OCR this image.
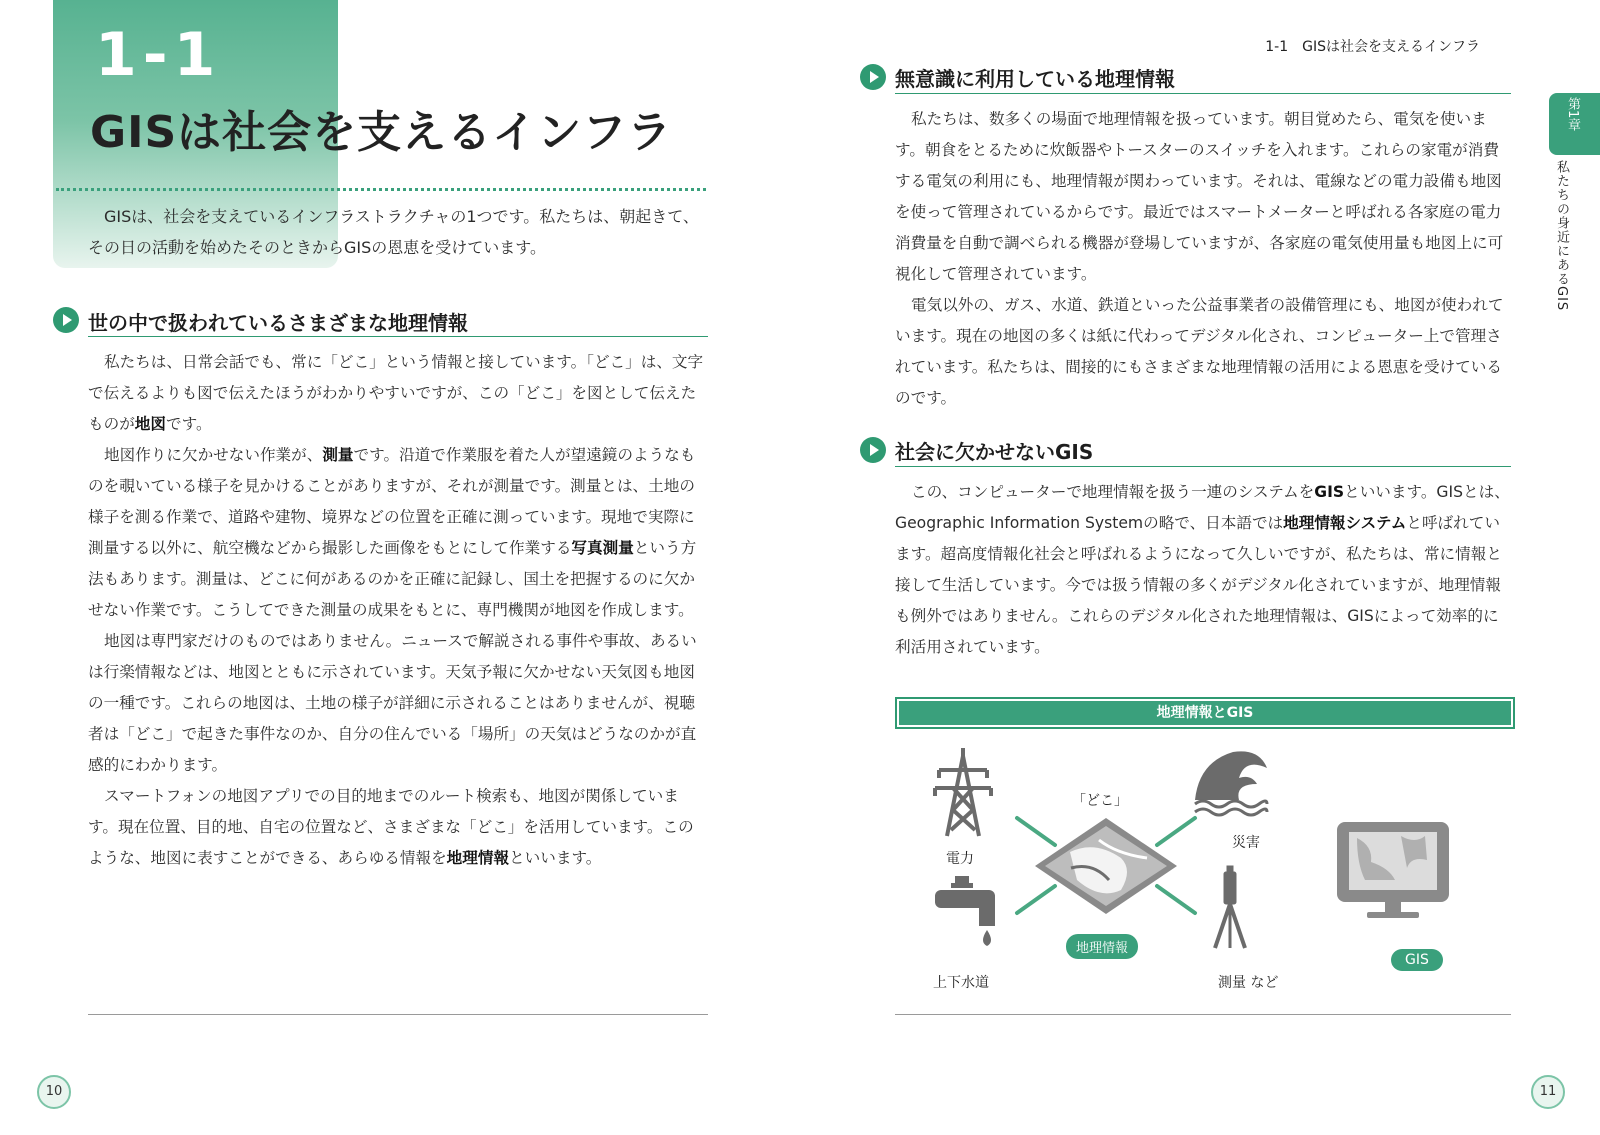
1-1
GISは社会を支えるインフラ
GISは、社会を支えているインフラストラクチャの1つです。私たちは、朝起きて、その日の活動を始めたそのときからGISの恩恵を受けています。
世の中で扱われているさまざまな地理情報

私たちは、日常会話でも、常に「どこ」という情報と接しています。「どこ」は、文字で伝えるよりも図で伝えたほうがわかりやすいですが、この「どこ」を図として伝えたものが地図です。

地図作りに欠かせない作業が、測量です。沿道で作業服を着た人が望遠鏡のようなものを覗いている様子を見かけることがありますが、それが測量です。測量とは、土地の様子を測る作業で、道路や建物、境界などの位置を正確に測っています。現地で実際に測量する以外に、航空機などから撮影した画像をもとにして作業する写真測量という方法もあります。測量は、どこに何があるのかを正確に記録し、国土を把握するのに欠かせない作業です。こうしてできた測量の成果をもとに、専門機関が地図を作成します。

地図は専門家だけのものではありません。ニュースで解説される事件や事故、あるいは行楽情報などは、地図とともに示されています。天気予報に欠かせない天気図も地図の一種です。これらの地図は、土地の様子が詳細に示されることはありませんが、視聴者は「どこ」で起きた事件なのか、自分の住んでいる「場所」の天気はどうなのかが直感的にわかります。

スマートフォンの地図アプリでの目的地までのルート検索も、地図が関係しています。現在位置、目的地、自宅の位置など、さまざまな「どこ」を活用しています。このような、地図に表すことができる、あらゆる情報を地理情報といいます。

10
1-1　GISは社会を支えるインフラ
第1章
私たちの身近にあるGIS
無意識に利用している地理情報

私たちは、数多くの場面で地理情報を扱っています。朝目覚めたら、電気を使います。朝食をとるために炊飯器やトースターのスイッチを入れます。これらの家電が消費する電気の利用にも、地理情報が関わっています。それは、電線などの電力設備も地図を使って管理されているからです。最近ではスマートメーターと呼ばれる各家庭の電力消費量を自動で調べられる機器が登場していますが、各家庭の電気使用量も地図上に可視化して管理されています。

電気以外の、ガス、水道、鉄道といった公益事業者の設備管理にも、地図が使われています。現在の地図の多くは紙に代わってデジタル化され、コンピューター上で管理されています。私たちは、間接的にもさまざまな地理情報の活用による恩恵を受けているのです。

社会に欠かせないGIS

この、コンピューターで地理情報を扱う一連のシステムをGISといいます。GISとは、Geographic Information Systemの略で、日本語では地理情報システムと呼ばれています。超高度情報化社会と呼ばれるようになって久しいですが、私たちは、常に情報と接して生活しています。今では扱う情報の多くがデジタル化されていますが、地理情報も例外ではありません。これらのデジタル化された地理情報は、GISによって効率的に利活用されています。

地理情報とGIS
「どこ」
電力
災害
地理情報
上下水道	測量 など
GIS
11
